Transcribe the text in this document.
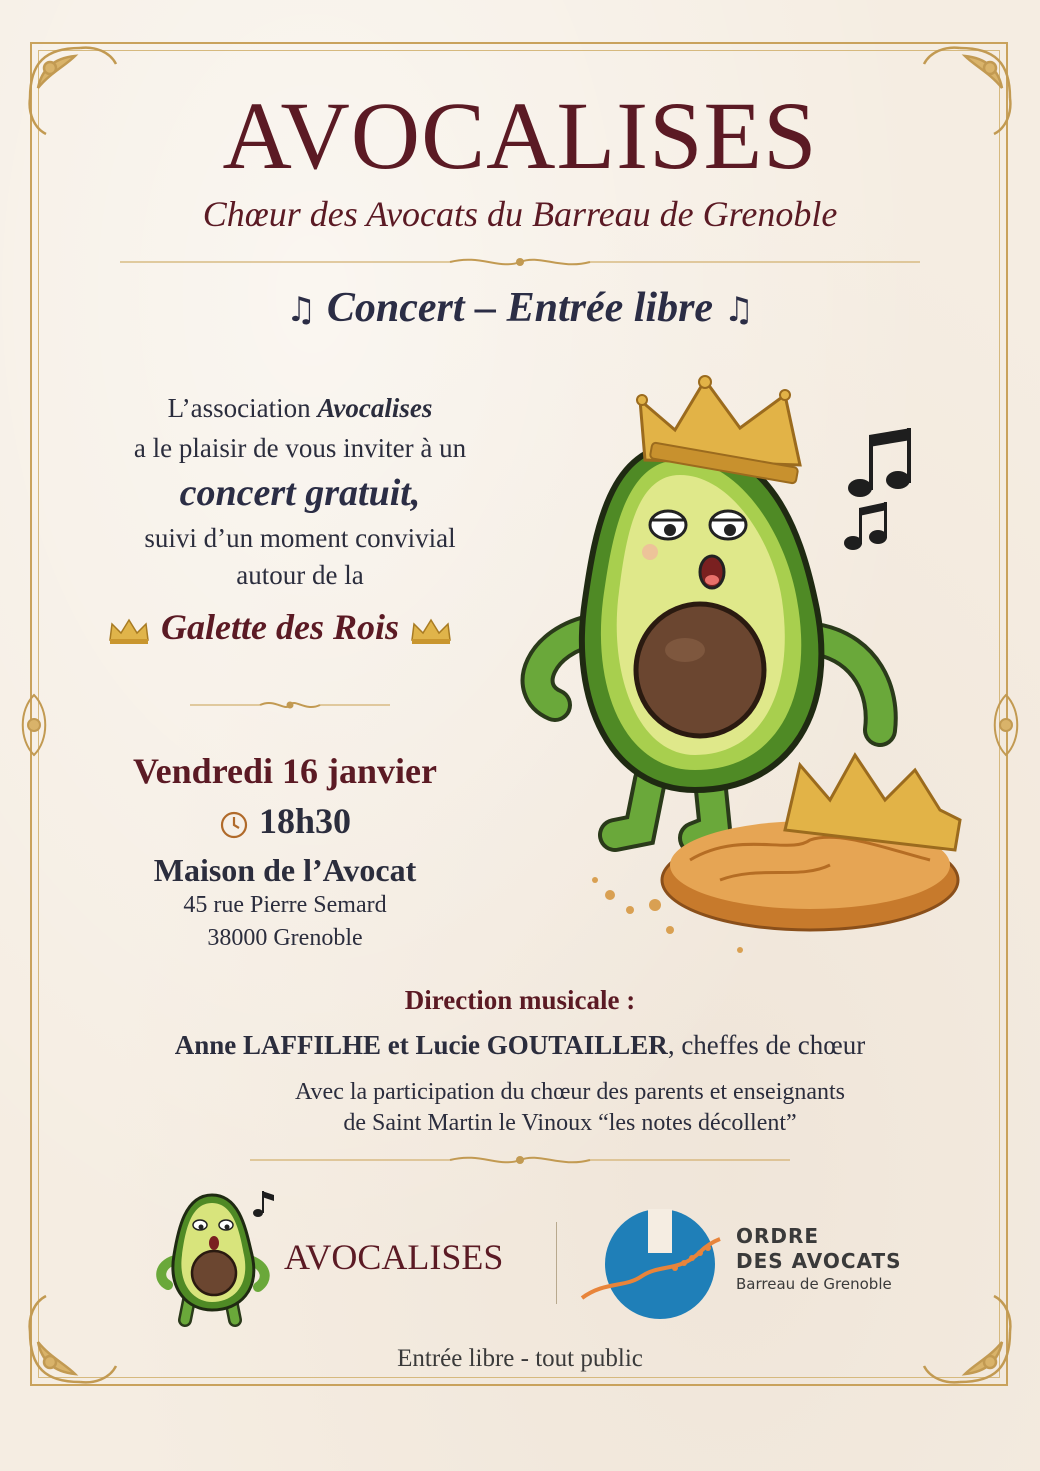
AVOCALISES
Chœur des Avocats du Barreau de Grenoble
♫ Concert – Entrée libre ♫
L’association Avocalises
a le plaisir de vous inviter à un
concert gratuit,
suivi d’un moment convivial
autour de la
Galette des Rois
Vendredi 16 janvier
18h30
Maison de l’Avocat
45 rue Pierre Semard
38000 Grenoble
Direction musicale :
Anne LAFFILHE et Lucie GOUTAILLER, cheffes de chœur
Avec la participation du chœur des parents et enseignants
de Saint Martin le Vinoux “les notes décollent”
AVOCALISES
ORDRE
DES AVOCATS
Barreau de Grenoble
Entrée libre - tout public
